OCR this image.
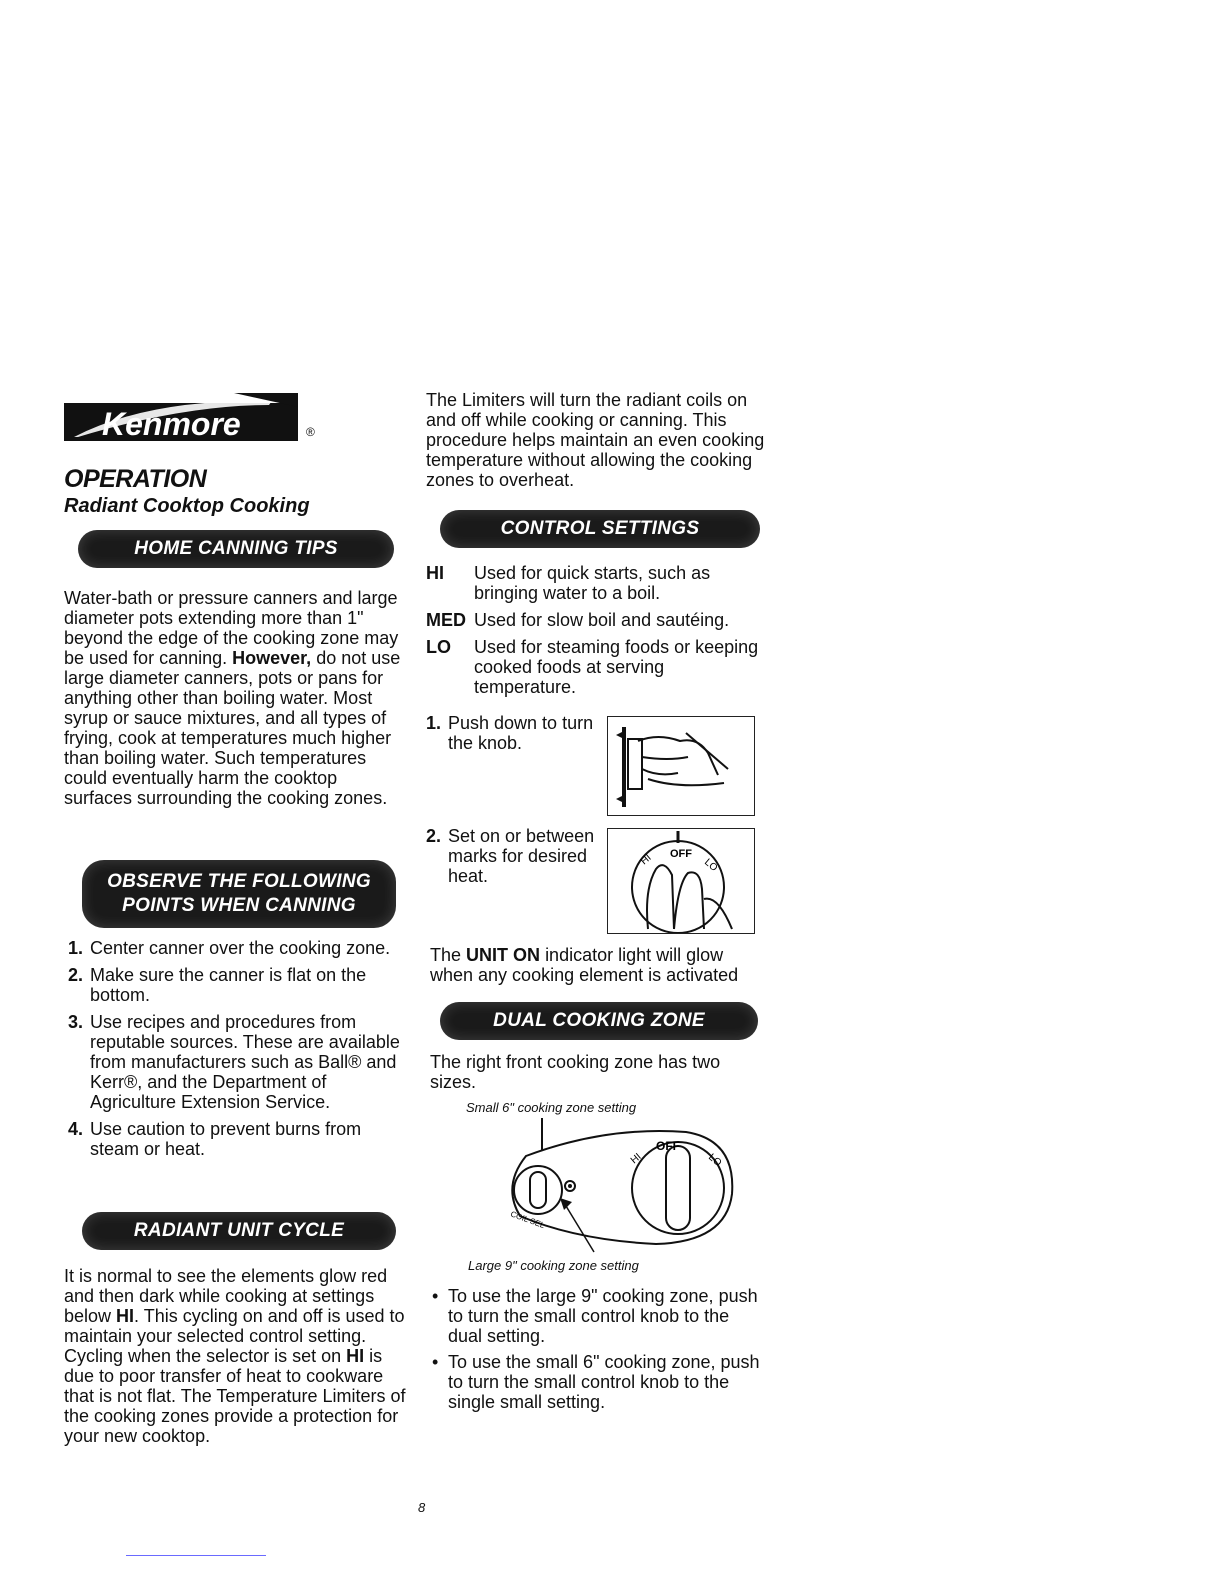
Kenmore	®
OPERATION
Radiant Cooktop Cooking
HOME CANNING TIPS
Water-bath or pressure canners and large diameter pots extending more than 1" beyond the edge of the cooking zone may be used for canning. However, do not use large diameter canners, pots or pans for anything other than boiling water. Most syrup or sauce mixtures, and all types of frying, cook at temperatures much higher than boiling water. Such temperatures could eventually harm the cooktop surfaces surrounding the cooking zones.
OBSERVE THE FOLLOWING
POINTS WHEN CANNING
1. Center canner over the cooking zone.
2. Make sure the canner is flat on the bottom.
3. Use recipes and procedures from reputable sources. These are available from manufacturers such as Ball® and Kerr®, and the Department of Agriculture Extension Service.
4. Use caution to prevent burns from steam or heat.
RADIANT UNIT CYCLE
It is normal to see the elements glow red and then dark while cooking at settings below HI. This cycling on and off is used to maintain your selected control setting. Cycling when the selector is set on HI is due to poor transfer of heat to cookware that is not flat. The Temperature Limiters of the cooking zones provide a protection for your new cooktop.
The Limiters will turn the radiant coils on and off while cooking or canning. This procedure helps maintain an even cooking temperature without allowing the cooking zones to overheat.
CONTROL SETTINGS
HI	Used for quick starts, such as bringing water to a boil.
MED Used for slow boil and sautéing.
LO	Used for steaming foods or keeping cooked foods at serving temperature.
1. Push down to turn the knob.
2. Set on or between marks for desired heat.
OFF
HI	LO
The UNIT ON indicator light will glow when any cooking element is activated
DUAL COOKING ZONE
The right front cooking zone has two sizes.
Small 6" cooking zone setting
OFF
HI	LO
COIL SEL
Large 9" cooking zone setting
• To use the large 9" cooking zone, push to turn the small control knob to the dual setting.
• To use the small 6" cooking zone, push to turn the small control knob to the single small setting.
8
